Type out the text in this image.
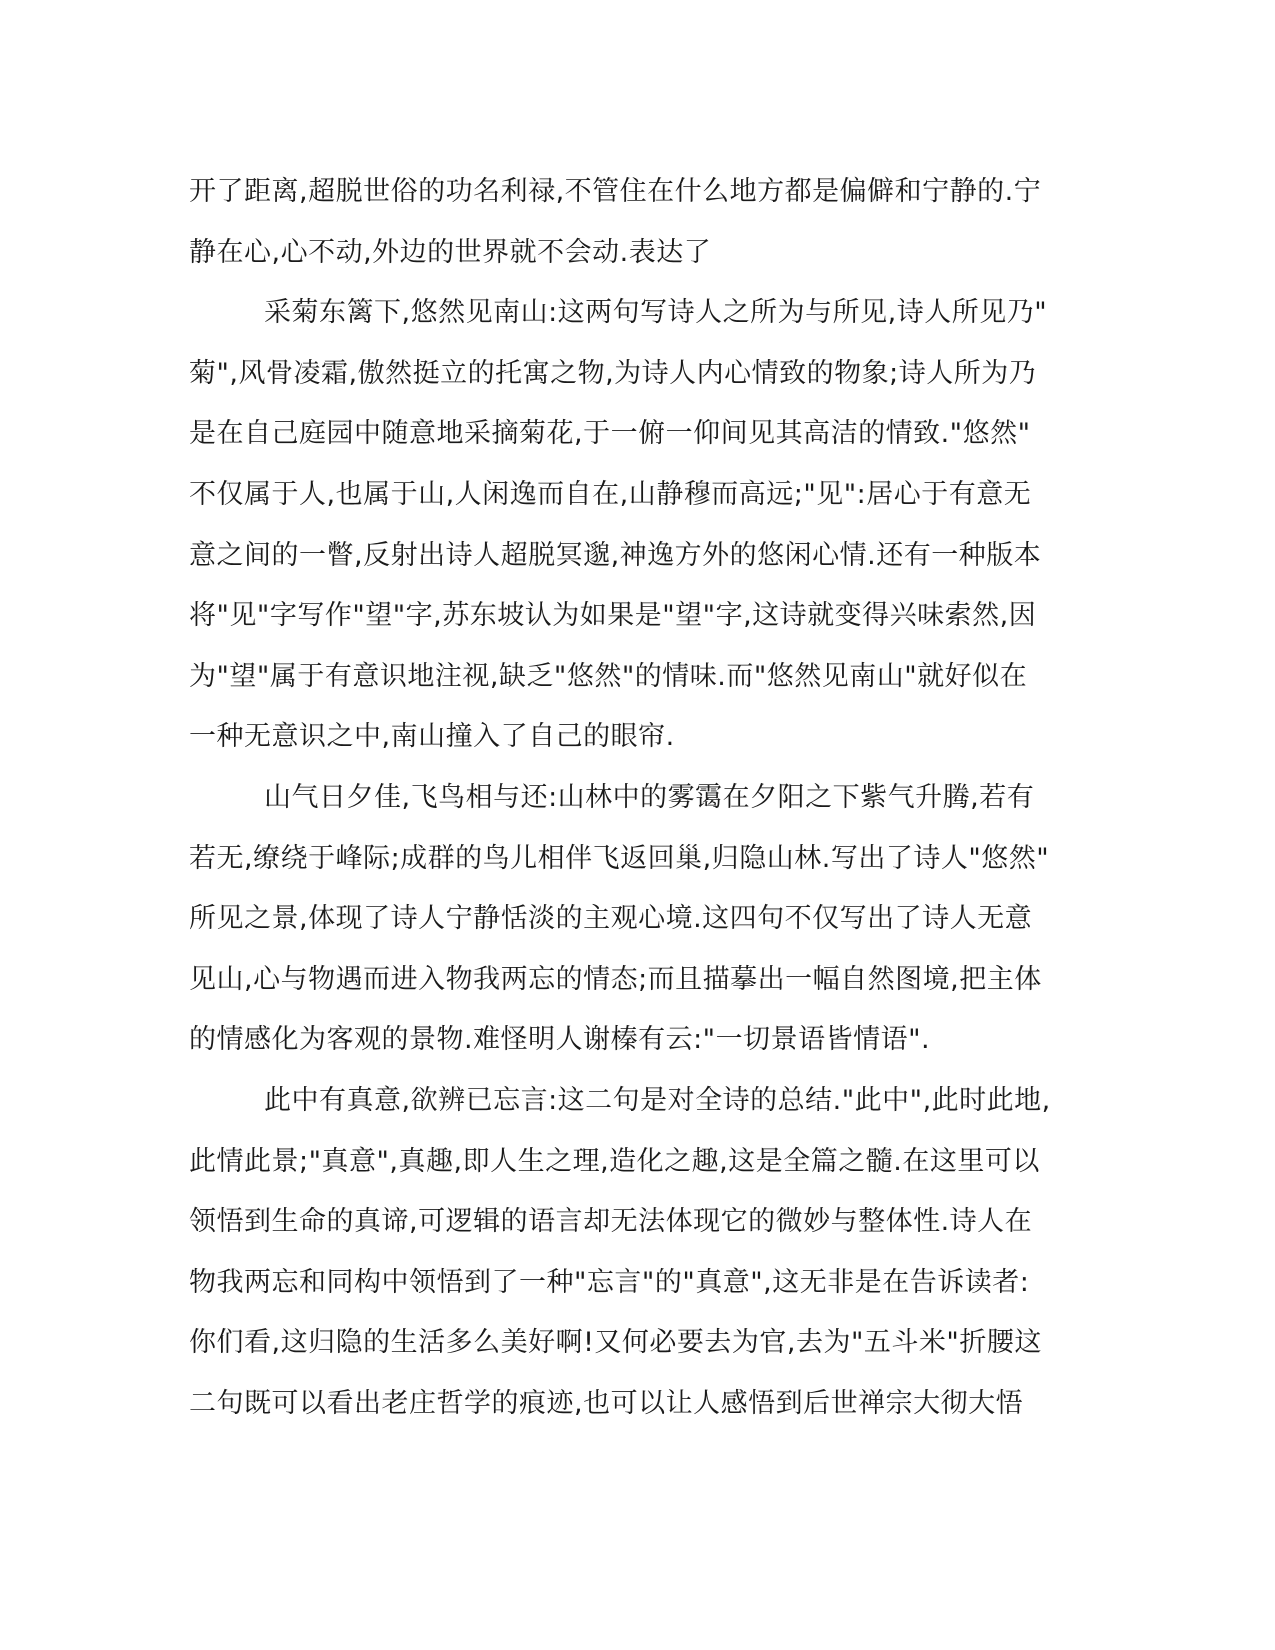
开了距离,超脱世俗的功名利禄,不管住在什么地方都是偏僻和宁静的.宁
静在心,心不动,外边的世界就不会动.表达了
采菊东篱下,悠然见南山:这两句写诗人之所为与所见,诗人所见乃"
菊",风骨凌霜,傲然挺立的托寓之物,为诗人内心情致的物象;诗人所为乃
是在自己庭园中随意地采摘菊花,于一俯一仰间见其高洁的情致."悠然"
不仅属于人,也属于山,人闲逸而自在,山静穆而高远;"见":居心于有意无
意之间的一瞥,反射出诗人超脱冥邈,神逸方外的悠闲心情.还有一种版本
将"见"字写作"望"字,苏东坡认为如果是"望"字,这诗就变得兴味索然,因
为"望"属于有意识地注视,缺乏"悠然"的情味.而"悠然见南山"就好似在
一种无意识之中,南山撞入了自己的眼帘.
山气日夕佳,飞鸟相与还:山林中的雾霭在夕阳之下紫气升腾,若有
若无,缭绕于峰际;成群的鸟儿相伴飞返回巢,归隐山林.写出了诗人"悠然"
所见之景,体现了诗人宁静恬淡的主观心境.这四句不仅写出了诗人无意
见山,心与物遇而进入物我两忘的情态;而且描摹出一幅自然图境,把主体
的情感化为客观的景物.难怪明人谢榛有云:"一切景语皆情语".
此中有真意,欲辨已忘言:这二句是对全诗的总结."此中",此时此地,
此情此景;"真意",真趣,即人生之理,造化之趣,这是全篇之髓.在这里可以
领悟到生命的真谛,可逻辑的语言却无法体现它的微妙与整体性.诗人在
物我两忘和同构中领悟到了一种"忘言"的"真意",这无非是在告诉读者:
你们看,这归隐的生活多么美好啊!又何必要去为官,去为"五斗米"折腰这
二句既可以看出老庄哲学的痕迹,也可以让人感悟到后世禅宗大彻大悟
